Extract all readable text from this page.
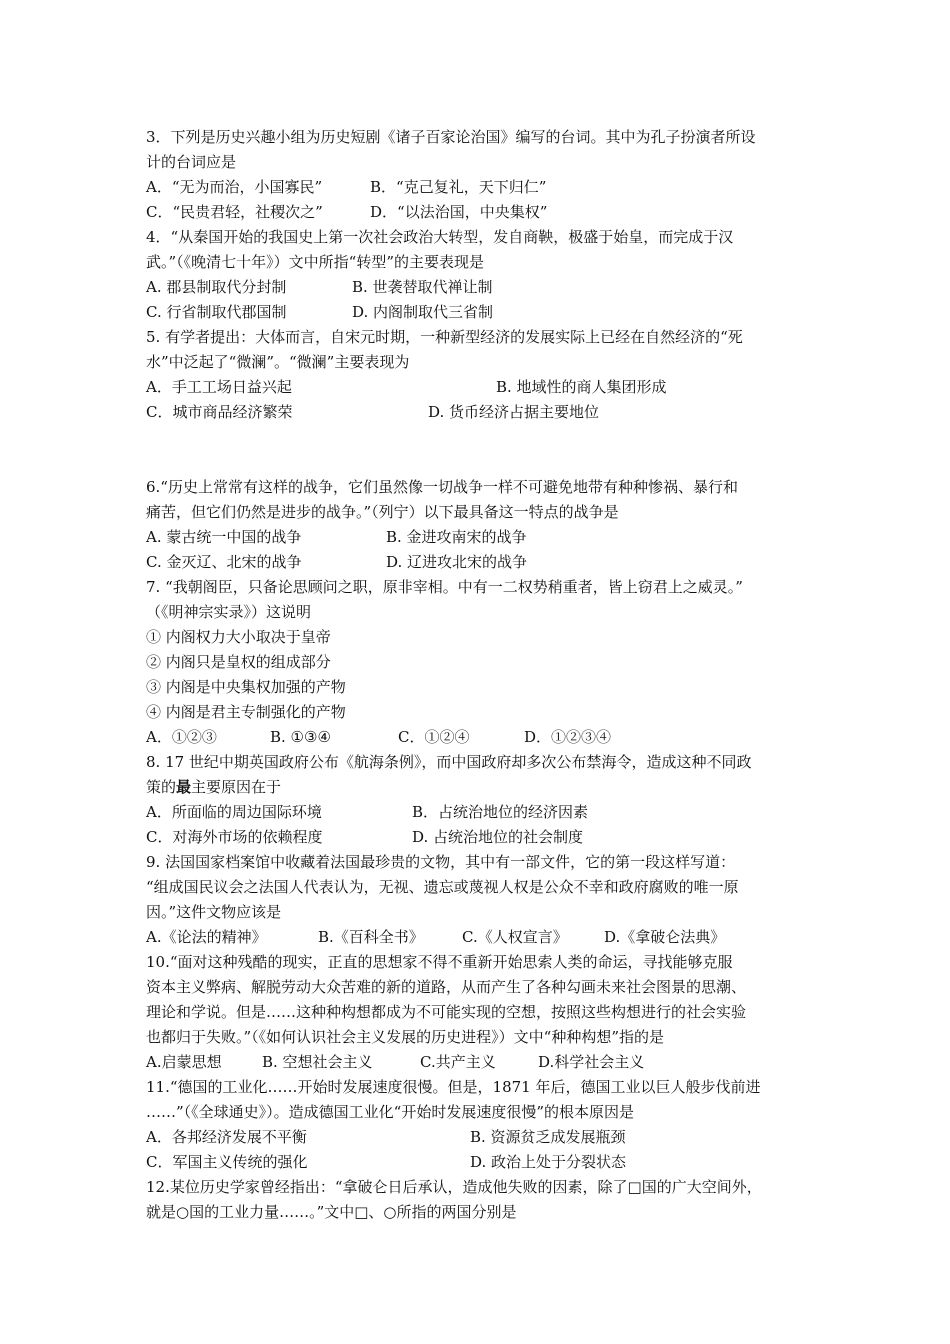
3．下列是历史兴趣小组为历史短剧《诸子百家论治国》编写的台词。其中为孔子扮演者所设
计的台词应是
A．“无为而治，小国寡民”	B．“克己复礼，天下归仁”
C．“民贵君轻，社稷次之”	D．“以法治国，中央集权”
4．“从秦国开始的我国史上第一次社会政治大转型，发自商鞅，极盛于始皇，而完成于汉
武。”（《晚清七十年》）文中所指“转型”的主要表现是
A. 郡县制取代分封制	B. 世袭替取代禅让制
C. 行省制取代郡国制	D. 内阁制取代三省制
5. 有学者提出：大体而言，自宋元时期，一种新型经济的发展实际上已经在自然经济的“死
水”中泛起了“微澜”。“微澜”主要表现为
A．手工工场日益兴起	B. 地域性的商人集团形成
C．城市商品经济繁荣	D. 货币经济占据主要地位
6.“历史上常常有这样的战争，它们虽然像一切战争一样不可避免地带有种种惨祸、暴行和
痛苦，但它们仍然是进步的战争。”（列宁）以下最具备这一特点的战争是
A. 蒙古统一中国的战争	B. 金进攻南宋的战争
C. 金灭辽、北宋的战争	D. 辽进攻北宋的战争
7. “我朝阁臣，只备论思顾问之职，原非宰相。中有一二权势稍重者，皆上窃君上之威灵。”
（《明神宗实录》）这说明
① 内阁权力大小取决于皇帝
② 内阁只是皇权的组成部分
③ 内阁是中央集权加强的产物
④ 内阁是君主专制强化的产物
A．①②③	B. ①③④	C．①②④	D．①②③④
8. 17 世纪中期英国政府公布《航海条例》，而中国政府却多次公布禁海令，造成这种不同政
策的最主要原因在于
A．所面临的周边国际环境	B．占统治地位的经济因素
C．对海外市场的依赖程度	D. 占统治地位的社会制度
9. 法国国家档案馆中收藏着法国最珍贵的文物，其中有一部文件，它的第一段这样写道：
“组成国民议会之法国人代表认为，无视、遗忘或蔑视人权是公众不幸和政府腐败的唯一原
因。”这件文物应该是
A.《论法的精神》	B.《百科全书》	C.《人权宣言》 D.《拿破仑法典》
10.“面对这种残酷的现实，正直的思想家不得不重新开始思索人类的命运，寻找能够克服
资本主义弊病、解脱劳动大众苦难的新的道路，从而产生了各种勾画未来社会图景的思潮、
理论和学说。但是……这种种构想都成为不可能实现的空想，按照这些构想进行的社会实验
也都归于失败。”（《如何认识社会主义发展的历史进程》）文中“种种构想”指的是
A.启蒙思想	B. 空想社会主义	C.共产主义	D.科学社会主义
11.“德国的工业化……开始时发展速度很慢。但是，1871 年后，德国工业以巨人般步伐前进
……”（《全球通史》）。造成德国工业化“开始时发展速度很慢”的根本原因是
A．各邦经济发展不平衡	B. 资源贫乏成发展瓶颈
C．军国主义传统的强化	D. 政治上处于分裂状态
12.某位历史学家曾经指出：“拿破仑日后承认，造成他失败的因素，除了□国的广大空间外，
就是○国的工业力量……。”文中□、○所指的两国分别是
